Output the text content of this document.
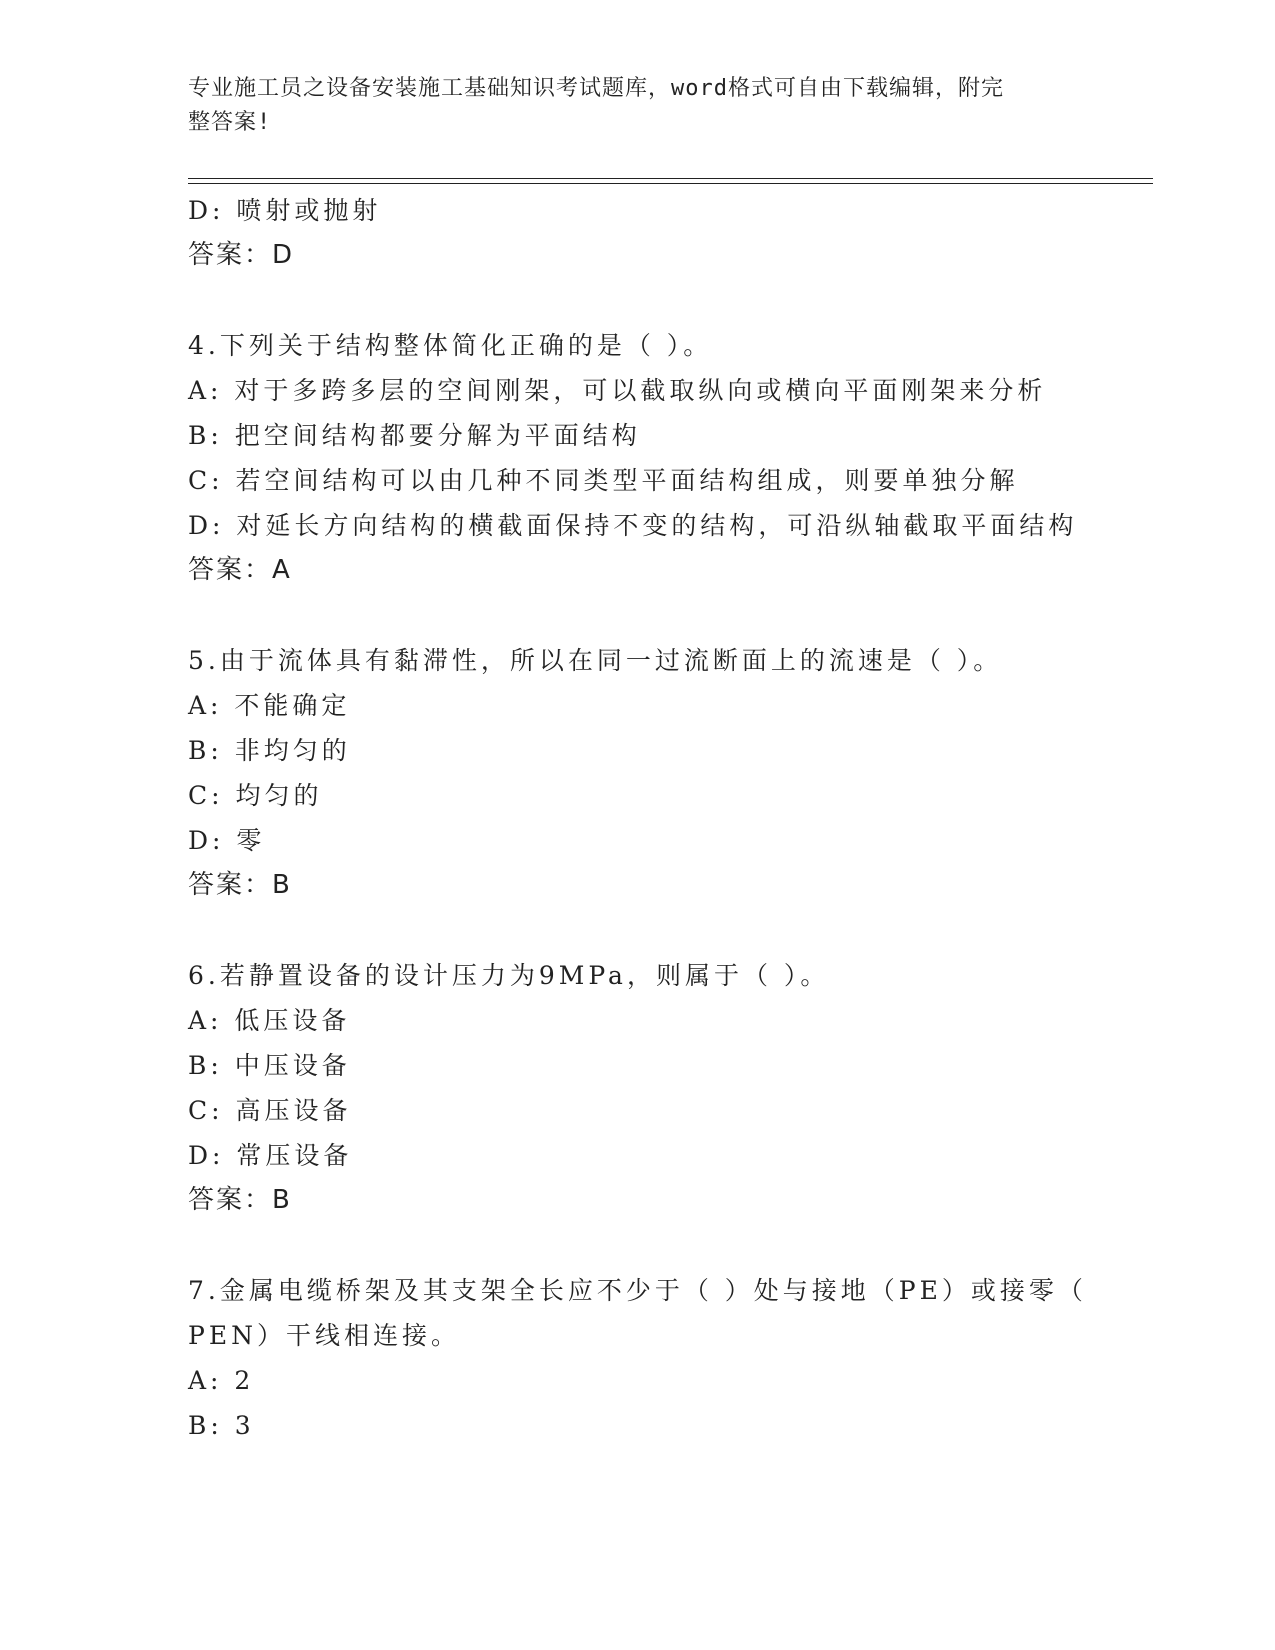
专业施工员之设备安装施工基础知识考试题库，word格式可自由下载编辑，附完
整答案!
D: 喷射或抛射
答案：D
4.下列关于结构整体简化正确的是（ ）。
A: 对于多跨多层的空间刚架，可以截取纵向或横向平面刚架来分析
B: 把空间结构都要分解为平面结构
C: 若空间结构可以由几种不同类型平面结构组成，则要单独分解
D: 对延长方向结构的横截面保持不变的结构，可沿纵轴截取平面结构
答案：A
5.由于流体具有黏滞性，所以在同一过流断面上的流速是（ ）。
A: 不能确定
B: 非均匀的
C: 均匀的
D: 零
答案：B
6.若静置设备的设计压力为9MPa，则属于（ ）。
A: 低压设备
B: 中压设备
C: 高压设备
D: 常压设备
答案：B
7.金属电缆桥架及其支架全长应不少于（ ）处与接地（PE）或接零（
PEN）干线相连接。
A: 2
B: 3
